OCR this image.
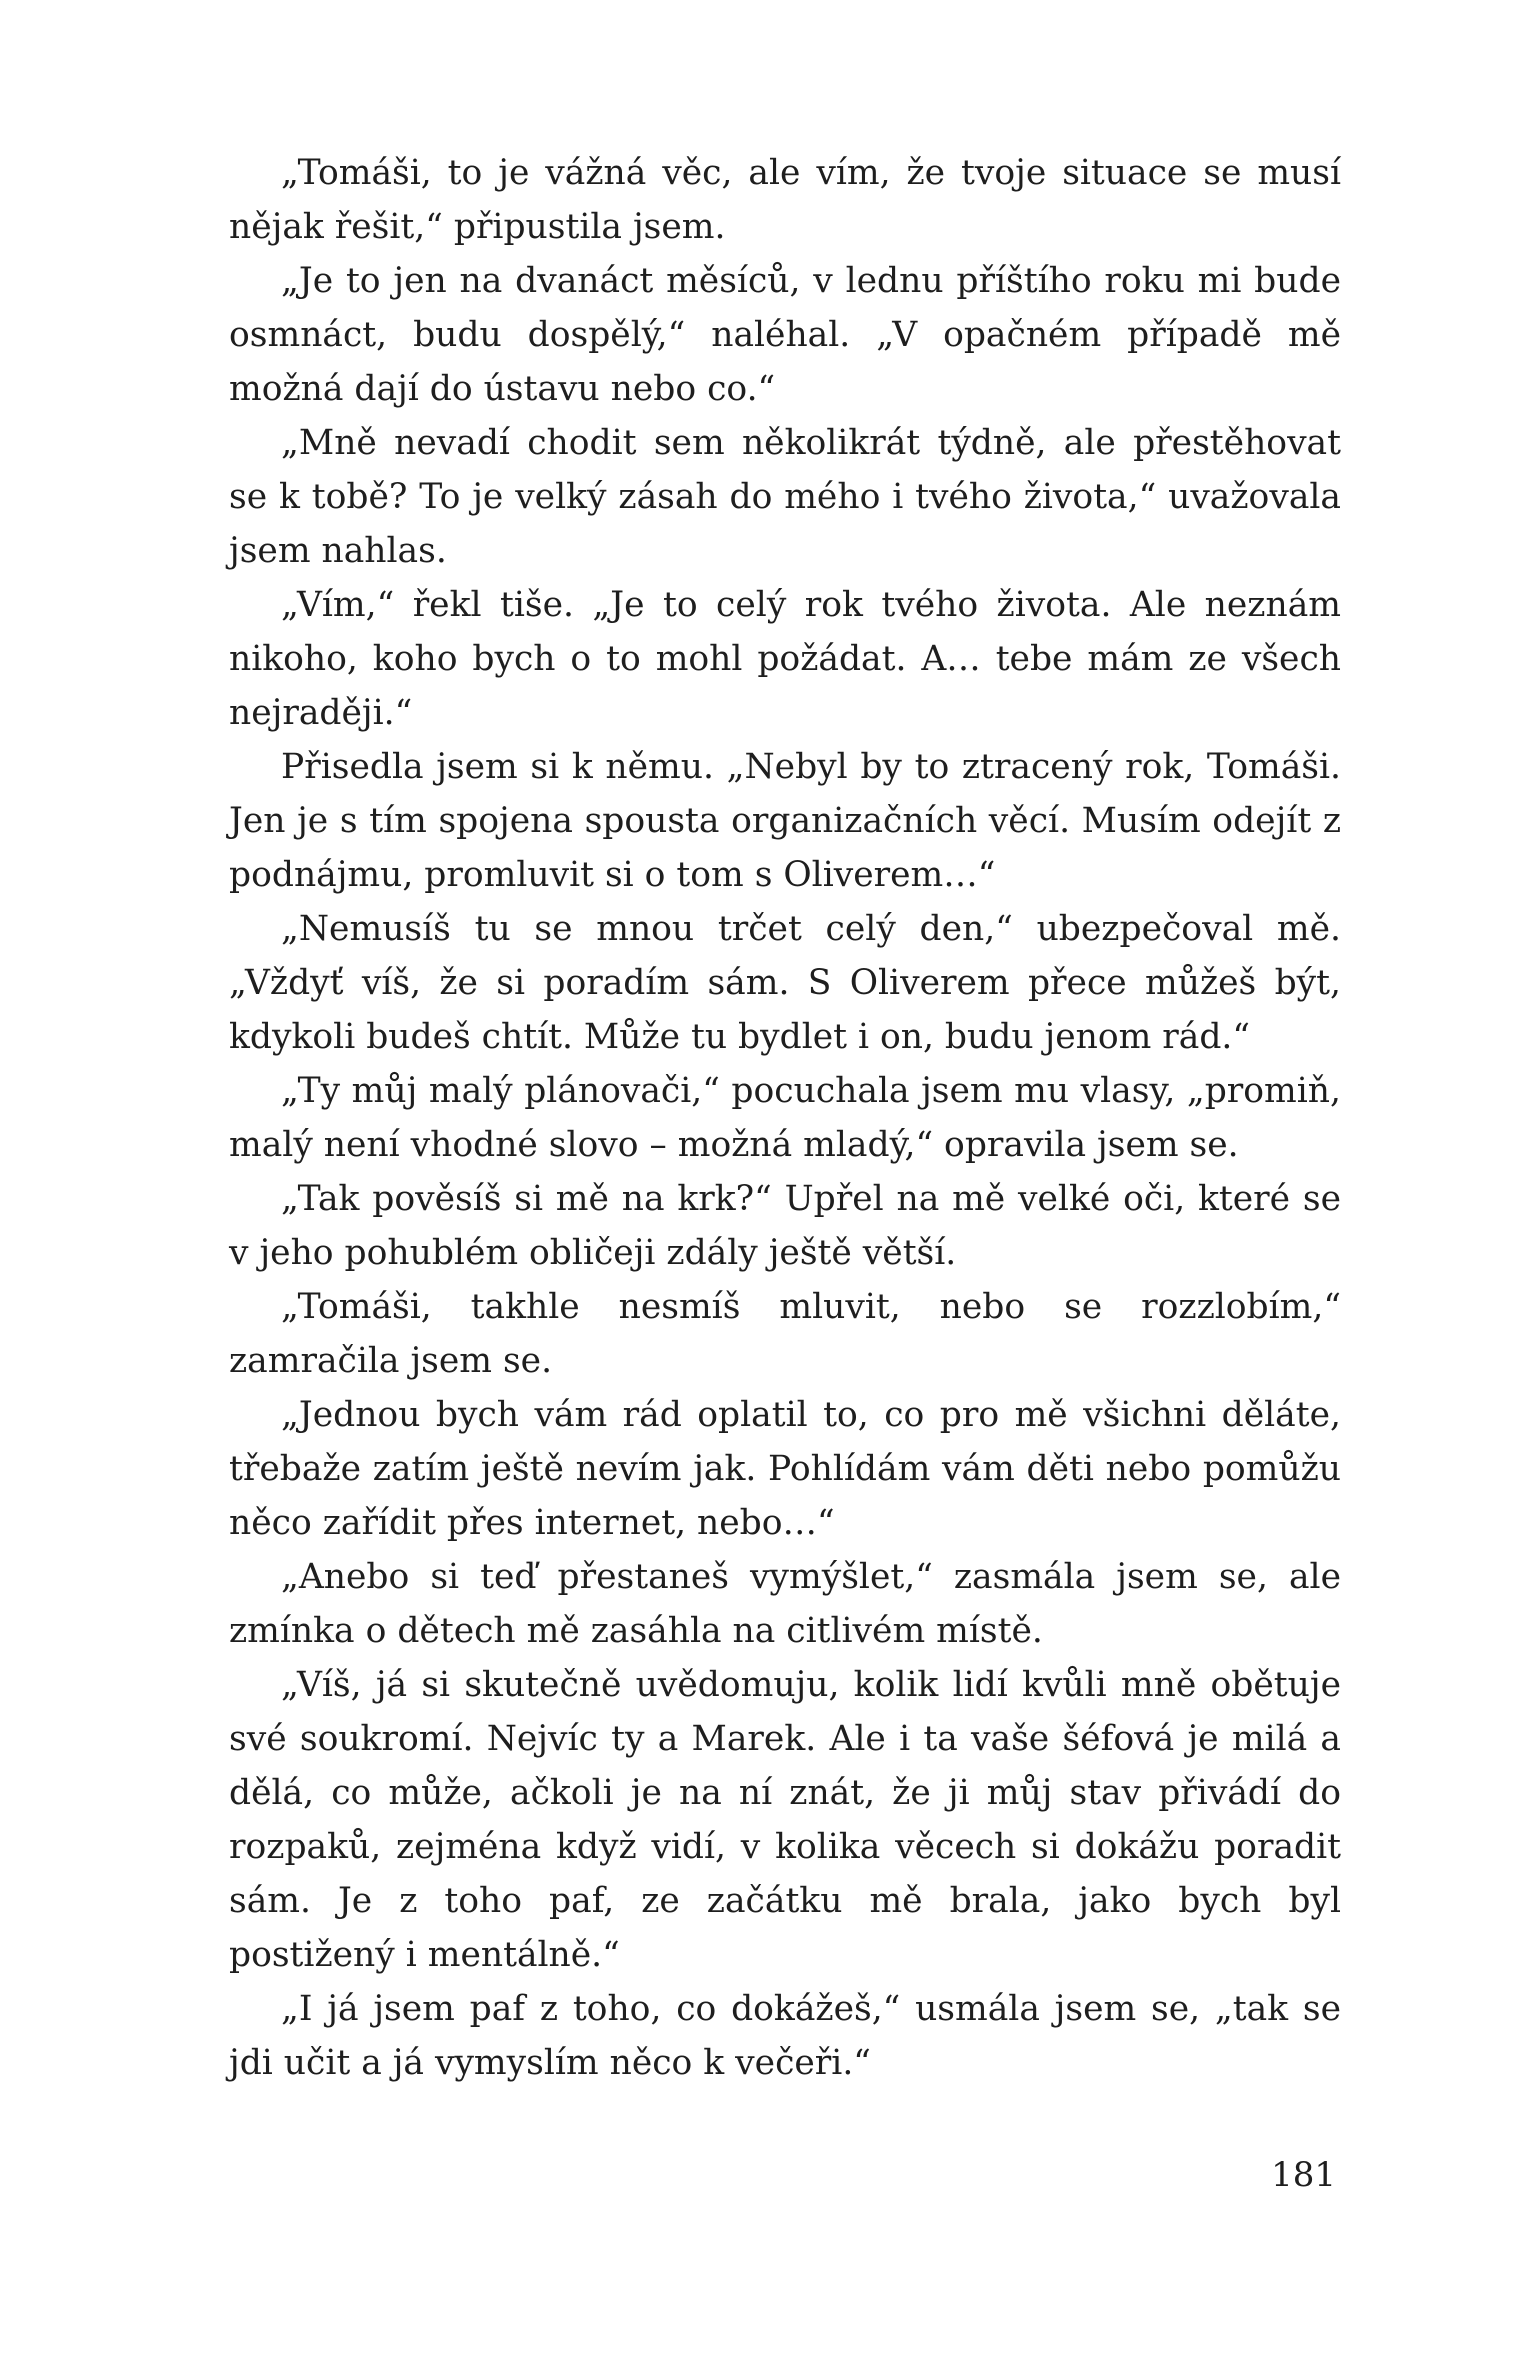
„Tomáši, to je vážná věc, ale vím, že tvoje situace se musí nějak řešit,“ připustila jsem.

„Je to jen na dvanáct měsíců, v lednu příštího roku mi bude osmnáct, budu dospělý,“ naléhal. „V opačném případě mě možná dají do ústavu nebo co.“

„Mně nevadí chodit sem několikrát týdně, ale přestěhovat se k tobě? To je velký zásah do mého i tvého života,“ uvažovala jsem nahlas.

„Vím,“ řekl tiše. „Je to celý rok tvého života. Ale neznám nikoho, koho bych o to mohl požádat. A… tebe mám ze všech nejraději.“

Přisedla jsem si k němu. „Nebyl by to ztracený rok, Tomáši. Jen je s tím spojena spousta organizačních věcí. Musím odejít z podnájmu, promluvit si o tom s Oliverem…“

„Nemusíš tu se mnou trčet celý den,“ ubezpečoval mě. „Vždyť víš, že si poradím sám. S Oliverem přece můžeš být, kdykoli budeš chtít. Může tu bydlet i on, budu jenom rád.“

„Ty můj malý plánovači,“ pocuchala jsem mu vlasy, „promiň, malý není vhodné slovo – možná mladý,“ opravila jsem se.

„Tak pověsíš si mě na krk?“ Upřel na mě velké oči, které se v jeho pohublém obličeji zdály ještě větší.

„Tomáši, takhle nesmíš mluvit, nebo se rozzlobím,“ zamračila jsem se.

„Jednou bych vám rád oplatil to, co pro mě všichni děláte, třebaže zatím ještě nevím jak. Pohlídám vám děti nebo pomůžu něco zařídit přes internet, nebo…“

„Anebo si teď přestaneš vymýšlet,“ zasmála jsem se, ale zmínka o dětech mě zasáhla na citlivém místě.

„Víš, já si skutečně uvědomuju, kolik lidí kvůli mně obětuje své soukromí. Nejvíc ty a Marek. Ale i ta vaše šéfová je milá a dělá, co může, ačkoli je na ní znát, že ji můj stav přivádí do rozpaků, zejména když vidí, v kolika věcech si dokážu poradit sám. Je z toho paf, ze začátku mě brala, jako bych byl postižený i mentálně.“

„I já jsem paf z toho, co dokážeš,“ usmála jsem se, „tak se jdi učit a já vymyslím něco k večeři.“

181
